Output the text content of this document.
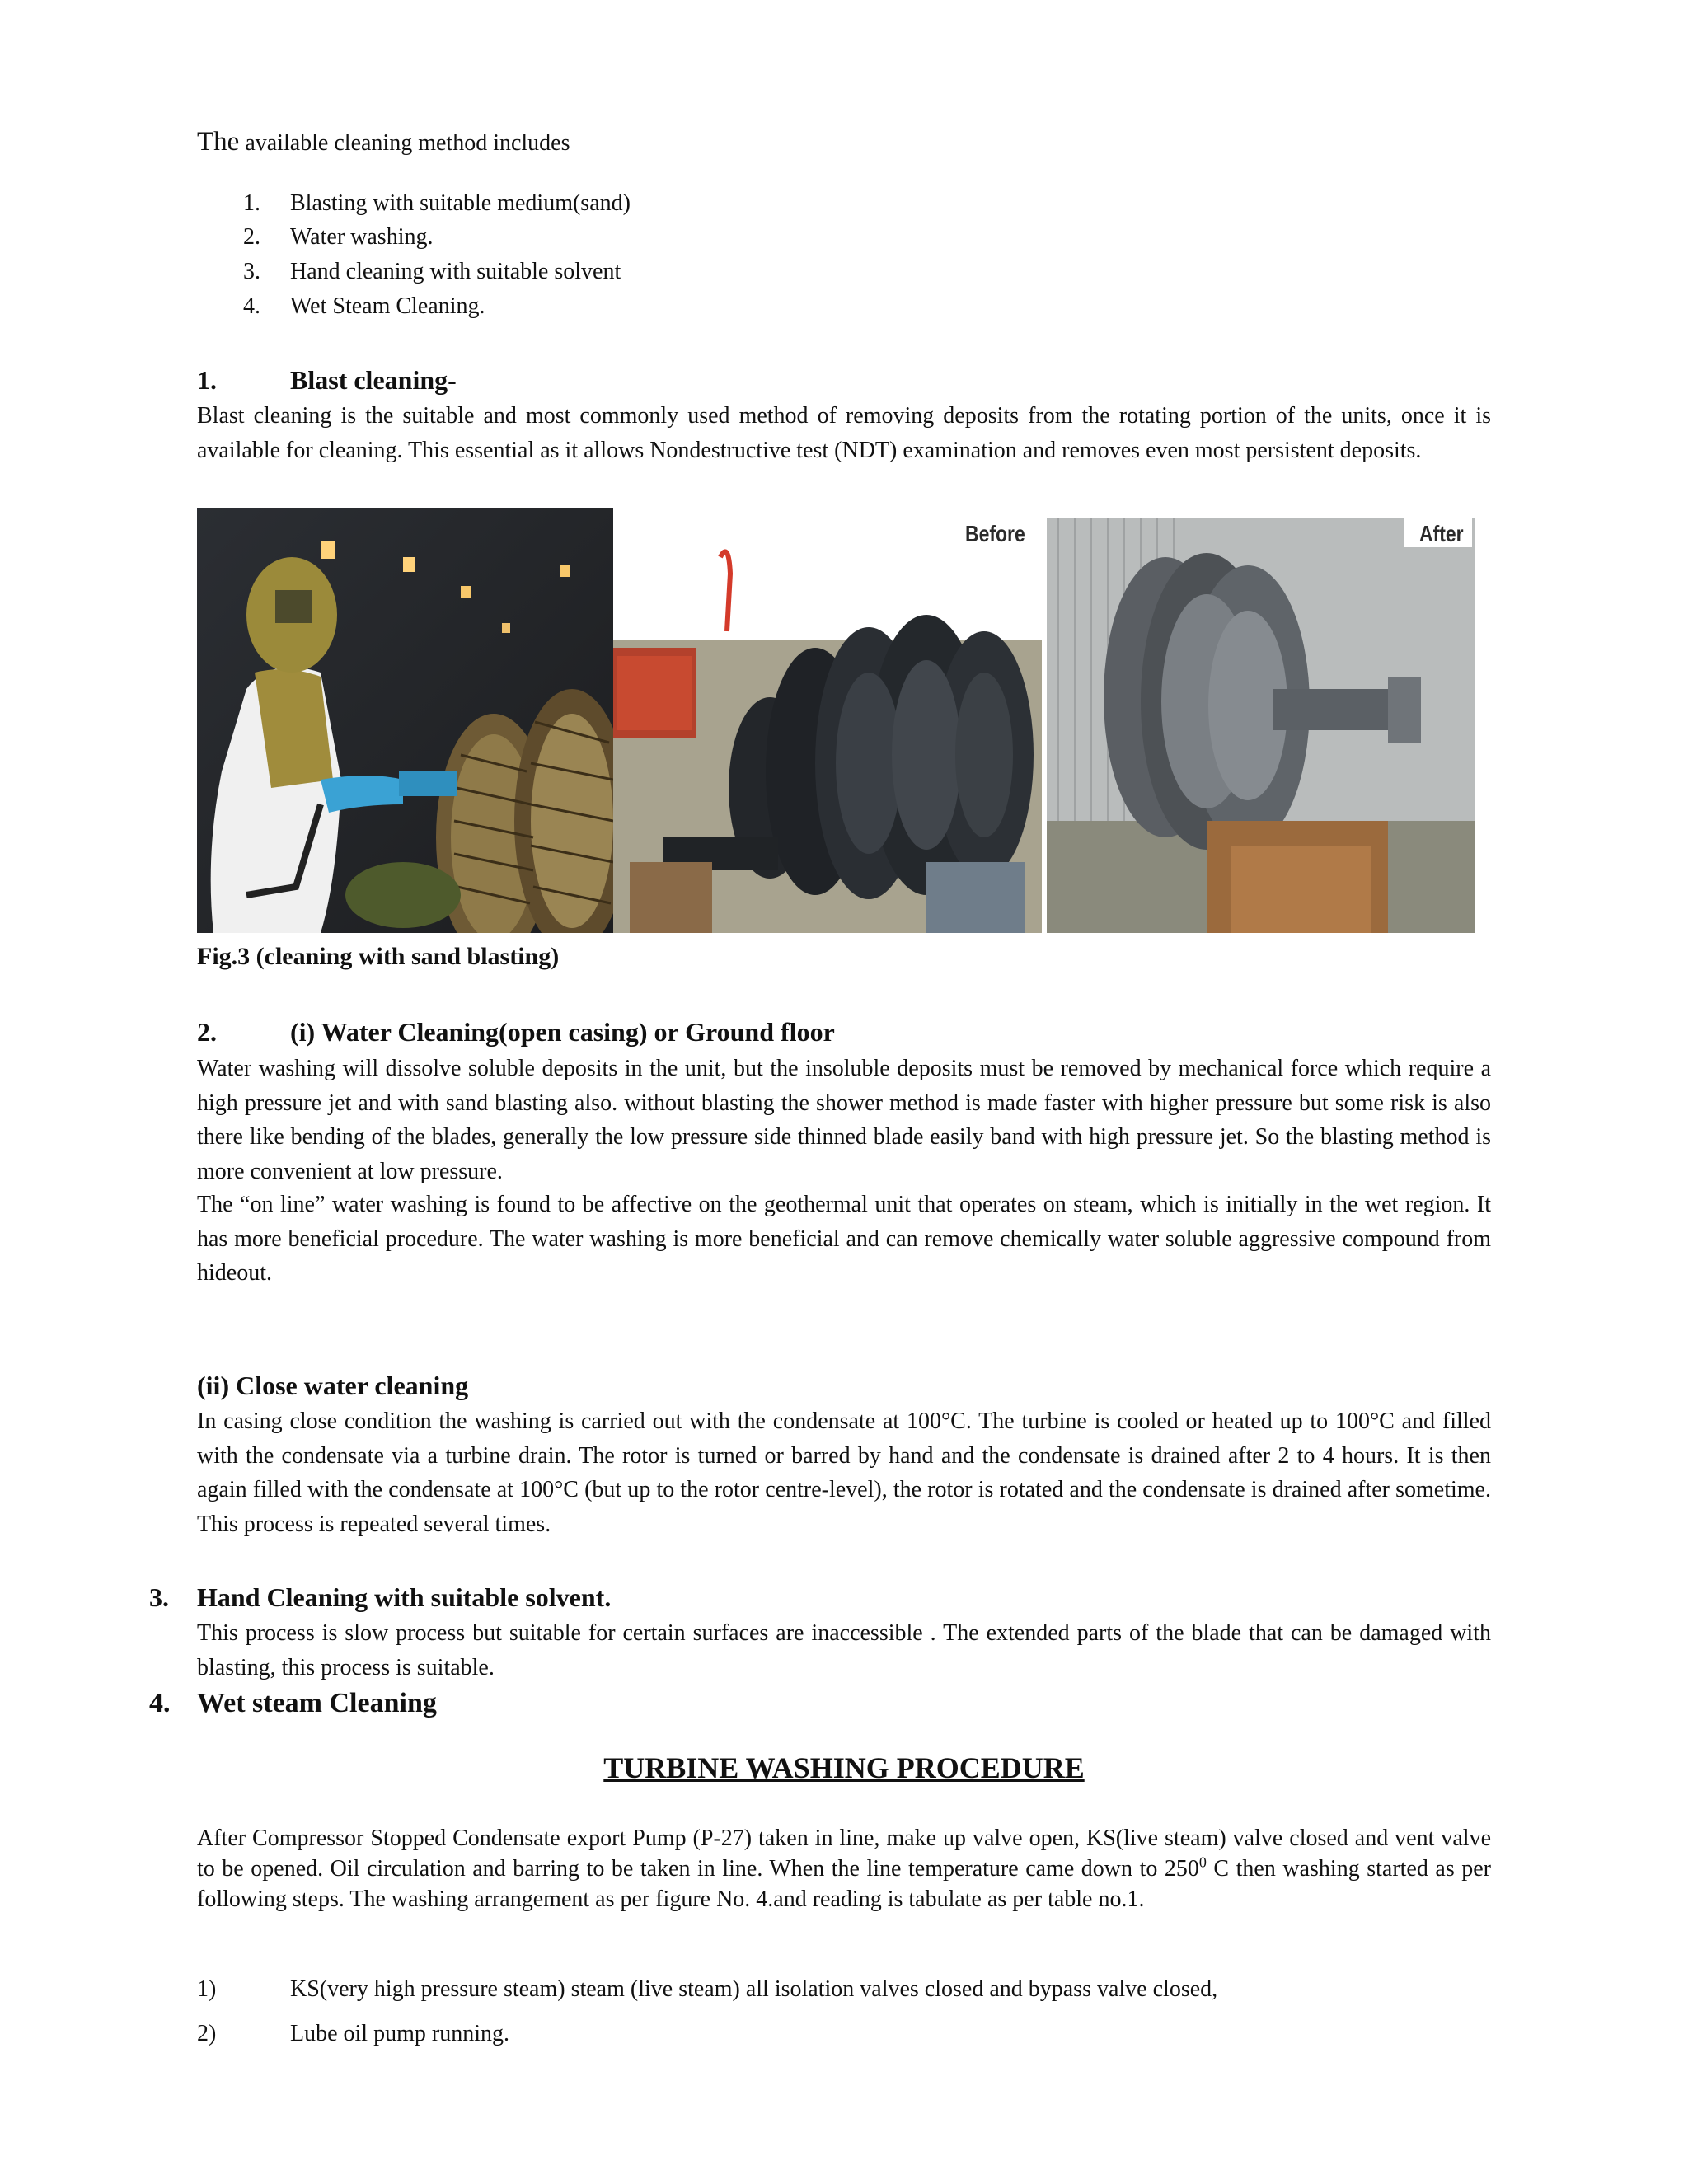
The available cleaning method includes
1. Blasting with suitable medium(sand)
2. Water washing.
3. Hand cleaning with suitable solvent
4. Wet Steam Cleaning.
1.	Blast cleaning-
Blast cleaning is the suitable and most commonly used method of removing deposits from the rotating portion of the units, once it is available for cleaning. This essential as it allows Nondestructive test (NDT) examination and removes even most persistent deposits.
Before	After
Fig.3 (cleaning with sand blasting)
2.	(i) Water Cleaning(open casing) or Ground floor
Water washing will dissolve soluble deposits in the unit, but the insoluble deposits must be removed by mechanical force which require a high pressure jet and with sand blasting also. without blasting the shower method is made faster with higher pressure but some risk is also there like bending of the blades, generally the low pressure side thinned blade easily band with high pressure jet. So the blasting method is more convenient at low pressure.
The “on line” water washing is found to be affective on the geothermal unit that operates on steam, which is initially in the wet region. It has more beneficial procedure. The water washing is more beneficial and can remove chemically water soluble aggressive compound from hideout.
(ii) Close water cleaning
In casing close condition the washing is carried out with the condensate at 100°C. The turbine is cooled or heated up to 100°C and filled with the condensate via a turbine drain. The rotor is turned or barred by hand and the condensate is drained after 2 to 4 hours. It is then again filled with the condensate at 100°C (but up to the rotor centre-level), the rotor is rotated and the condensate is drained after sometime. This process is repeated several times.
3. Hand Cleaning with suitable solvent.
This process is slow process but suitable for certain surfaces are inaccessible . The extended parts of the blade that can be damaged with blasting, this process is suitable.
4. Wet steam Cleaning
TURBINE WASHING PROCEDURE
After Compressor Stopped Condensate export Pump (P-27) taken in line, make up valve open, KS(live steam) valve closed and vent valve to be opened. Oil circulation and barring to be taken in line. When the line temperature came down to $250^0$ C then washing started as per following steps. The washing arrangement as per figure No. 4.and reading is tabulate as per table no.1.
1)	KS(very high pressure steam) steam (live steam) all isolation valves closed and bypass valve closed,
2)	Lube oil pump running.
